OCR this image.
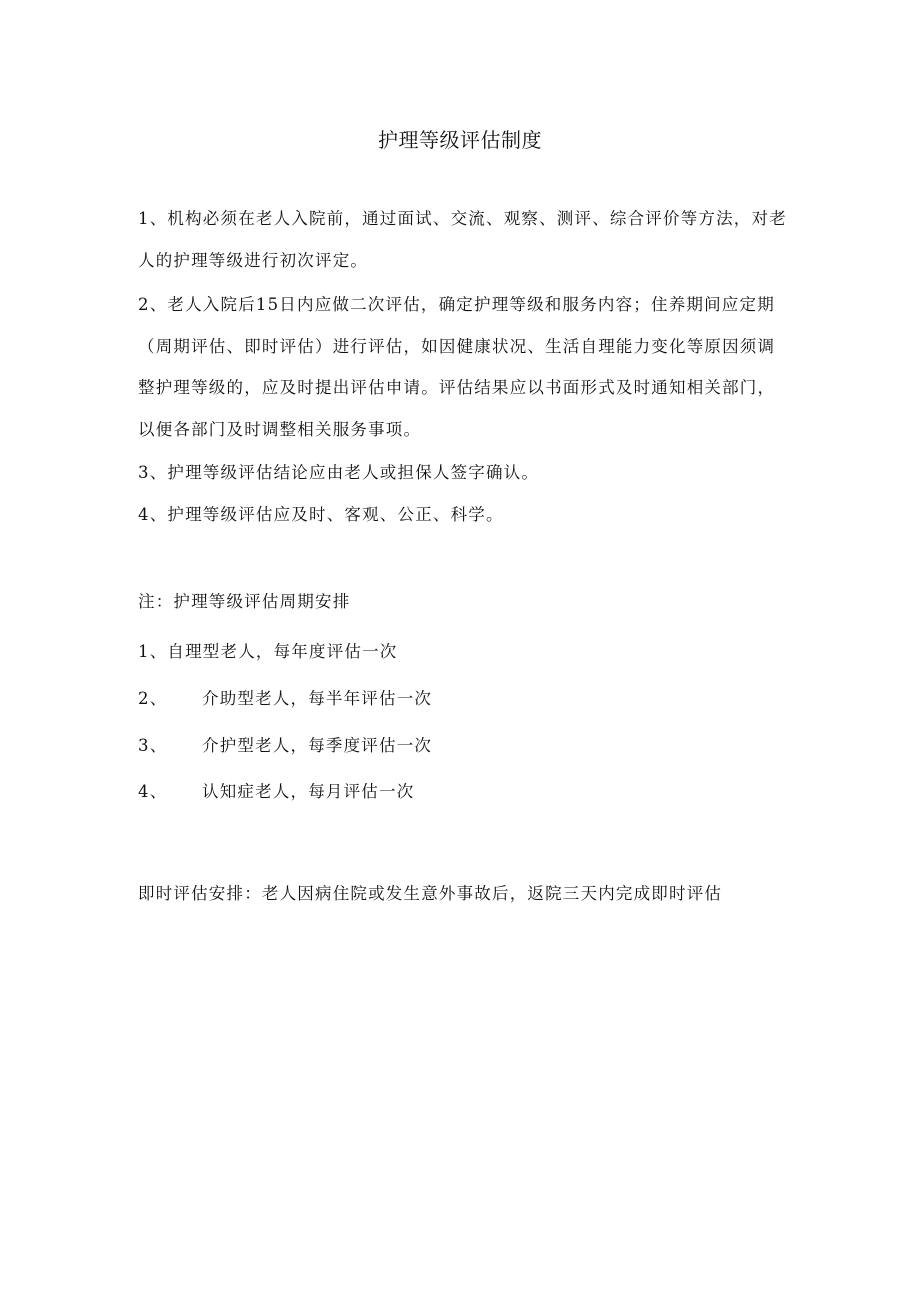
护理等级评估制度

1、机构必须在老人入院前，通过面试、交流、观察、测评、综合评价等方法，对老人的护理等级进行初次评定。

2、老人入院后15日内应做二次评估，确定护理等级和服务内容；住养期间应定期（周期评估、即时评估）进行评估，如因健康状况、生活自理能力变化等原因须调整护理等级的，应及时提出评估申请。评估结果应以书面形式及时通知相关部门，以便各部门及时调整相关服务事项。

3、护理等级评估结论应由老人或担保人签字确认。

4、护理等级评估应及时、客观、公正、科学。

注：护理等级评估周期安排
1、自理型老人，每年度评估一次
2、 介助型老人，每半年评估一次
3、 介护型老人，每季度评估一次
4、 认知症老人，每月评估一次
即时评估安排：老人因病住院或发生意外事故后，返院三天内完成即时评估
